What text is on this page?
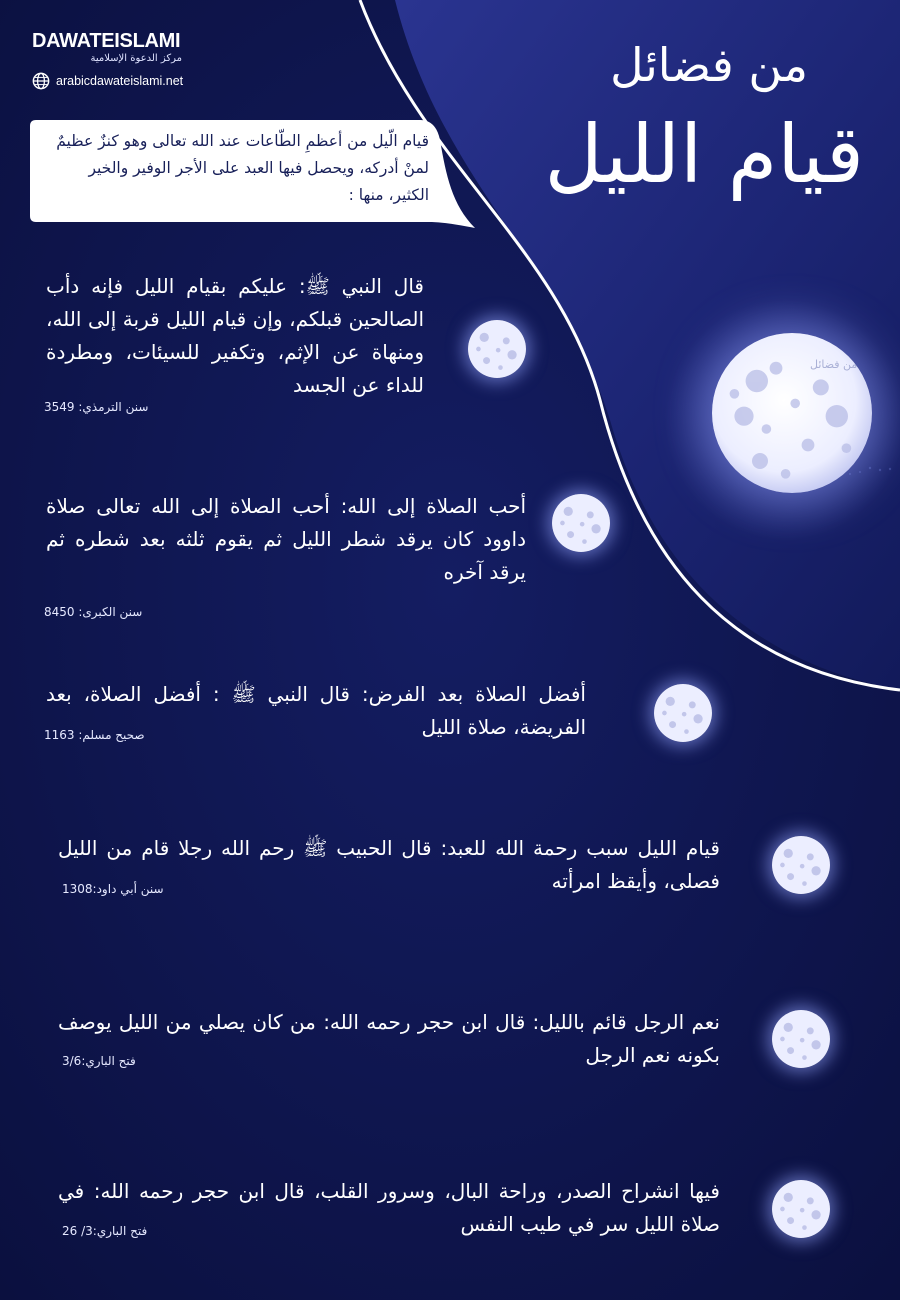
DAWATEISLAMI
مركز الدعوة الإسلامية
arabicdawateislami.net	من فضائل
قيام الليل
قيام الّيل من أعظمِ الطّاعات عند الله تعالى وهو كنزٌ عظيمٌ لمنْ أدركه، ويحصل فيها العبد على الأجر الوفير والخير الكثير، منها :
من فضائل
قال النبي ﷺ: عليكم بقيام الليل فإنه دأب الصالحين قبلكم، وإن قيام الليل قربة إلى الله، ومنهاة عن الإثم، وتكفير للسيئات، ومطردة للداء عن الجسد
سنن الترمذي: 3549
أحب الصلاة إلى الله: أحب الصلاة إلى الله تعالى صلاة داوود كان يرقد شطر الليل ثم يقوم ثلثه بعد شطره ثم يرقد آخره
سنن الكبرى: 8450
أفضل الصلاة بعد الفرض: قال النبي ﷺ : أفضل الصلاة، بعد الفريضة، صلاة الليل
صحيح مسلم: 1163
قيام الليل سبب رحمة الله للعبد: قال الحبيب ﷺ رحم الله رجلا قام من الليل فصلى، وأيقظ امرأته
سنن أبي داود:1308
نعم الرجل قائم بالليل: قال ابن حجر رحمه الله: من كان يصلي من الليل يوصف بكونه نعم الرجل
فتح الباري:3/6
فيها انشراح الصدر، وراحة البال، وسرور القلب، قال ابن حجر رحمه الله: في صلاة الليل سر في طيب النفس
فتح الباري:3/ 26
